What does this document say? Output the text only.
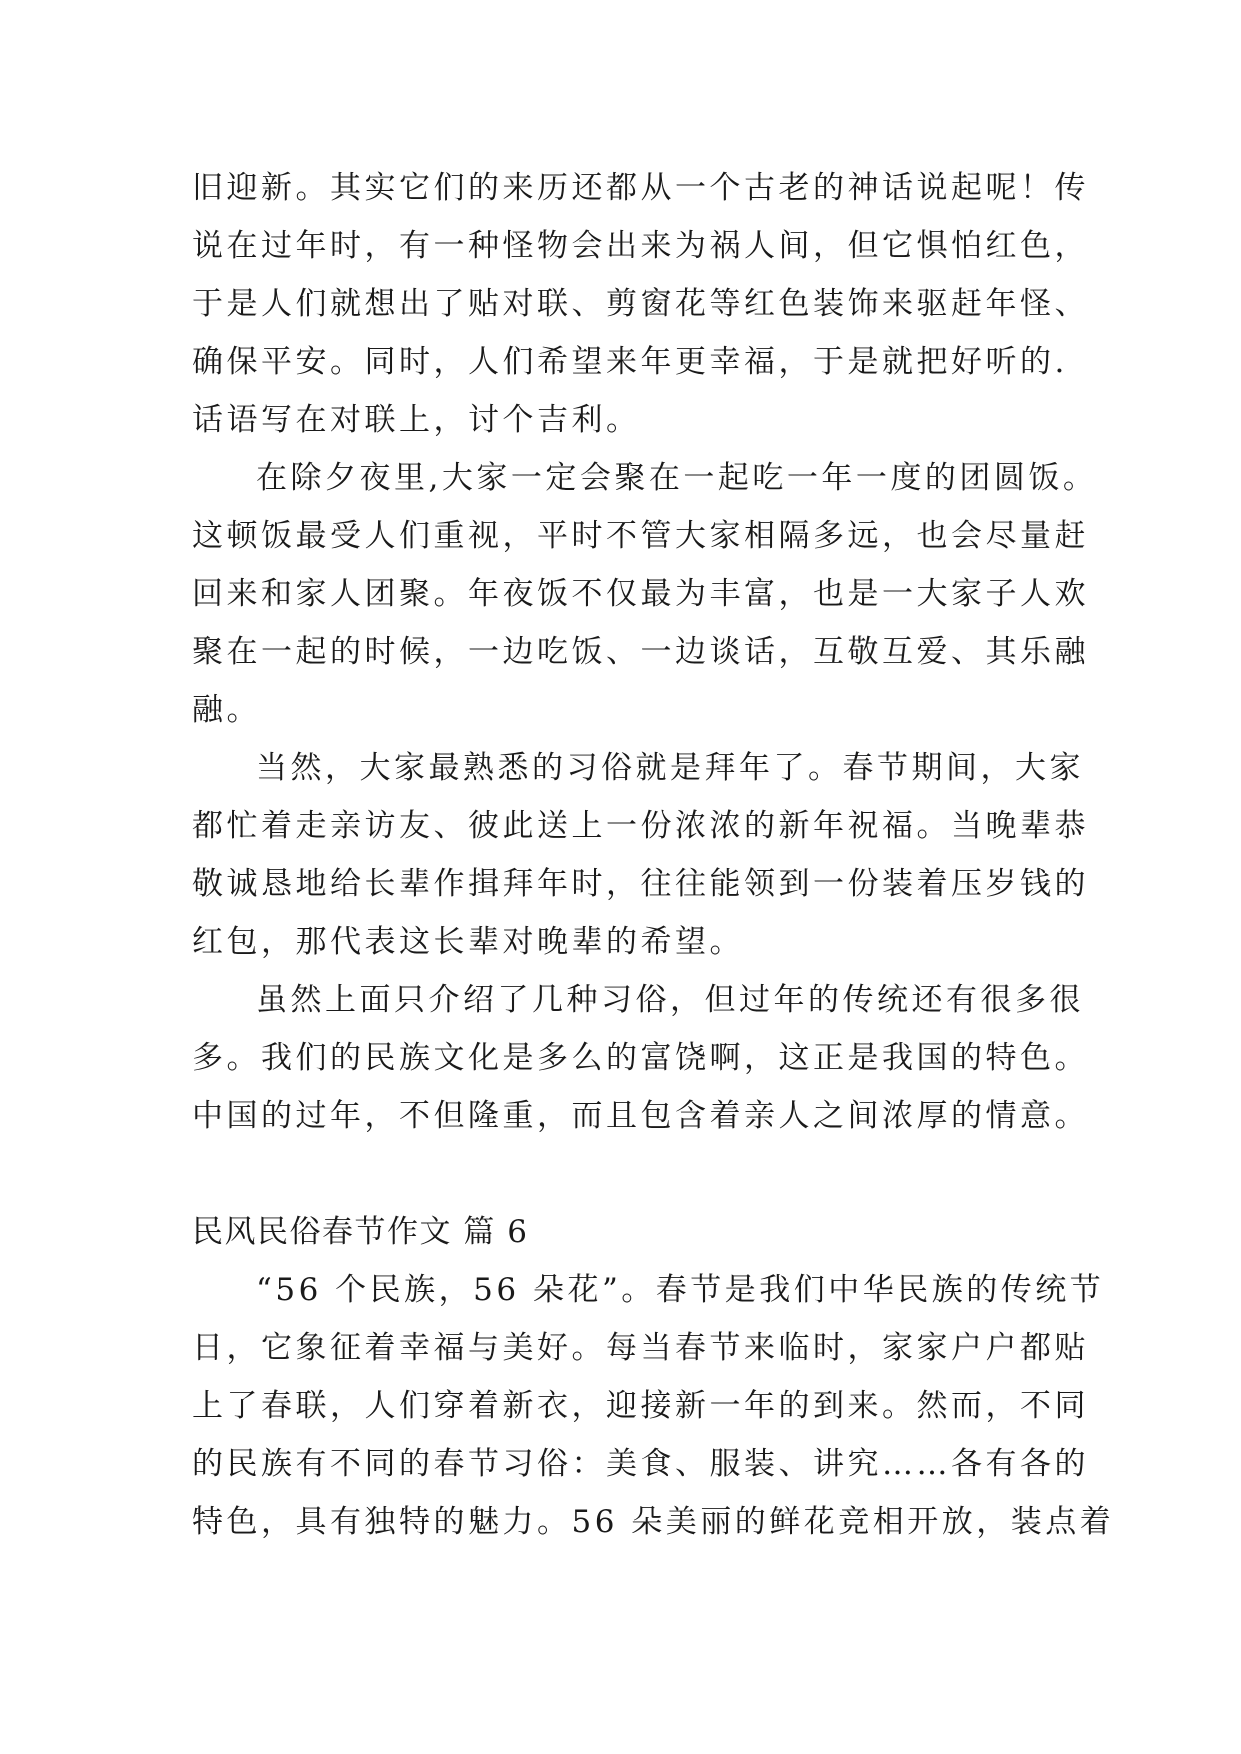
旧迎新。其实它们的来历还都从一个古老的神话说起呢！传

说在过年时，有一种怪物会出来为祸人间，但它惧怕红色，

于是人们就想出了贴对联、剪窗花等红色装饰来驱赶年怪、

确保平安。同时，人们希望来年更幸福，于是就把好听的.

话语写在对联上，讨个吉利。

在除夕夜里,大家一定会聚在一起吃一年一度的团圆饭。

这顿饭最受人们重视，平时不管大家相隔多远，也会尽量赶

回来和家人团聚。年夜饭不仅最为丰富，也是一大家子人欢

聚在一起的时候，一边吃饭、一边谈话，互敬互爱、其乐融

融。

当然，大家最熟悉的习俗就是拜年了。春节期间，大家

都忙着走亲访友、彼此送上一份浓浓的新年祝福。当晚辈恭

敬诚恳地给长辈作揖拜年时，往往能领到一份装着压岁钱的

红包，那代表这长辈对晚辈的希望。

虽然上面只介绍了几种习俗，但过年的传统还有很多很

多。我们的民族文化是多么的富饶啊，这正是我国的特色。

中国的过年，不但隆重，而且包含着亲人之间浓厚的情意。

民风民俗春节作文 篇 6

“56 个民族，56 朵花”。春节是我们中华民族的传统节

日，它象征着幸福与美好。每当春节来临时，家家户户都贴

上了春联，人们穿着新衣，迎接新一年的到来。然而，不同

的民族有不同的春节习俗：美食、服装、讲究……各有各的

特色，具有独特的魅力。56 朵美丽的鲜花竞相开放，装点着
